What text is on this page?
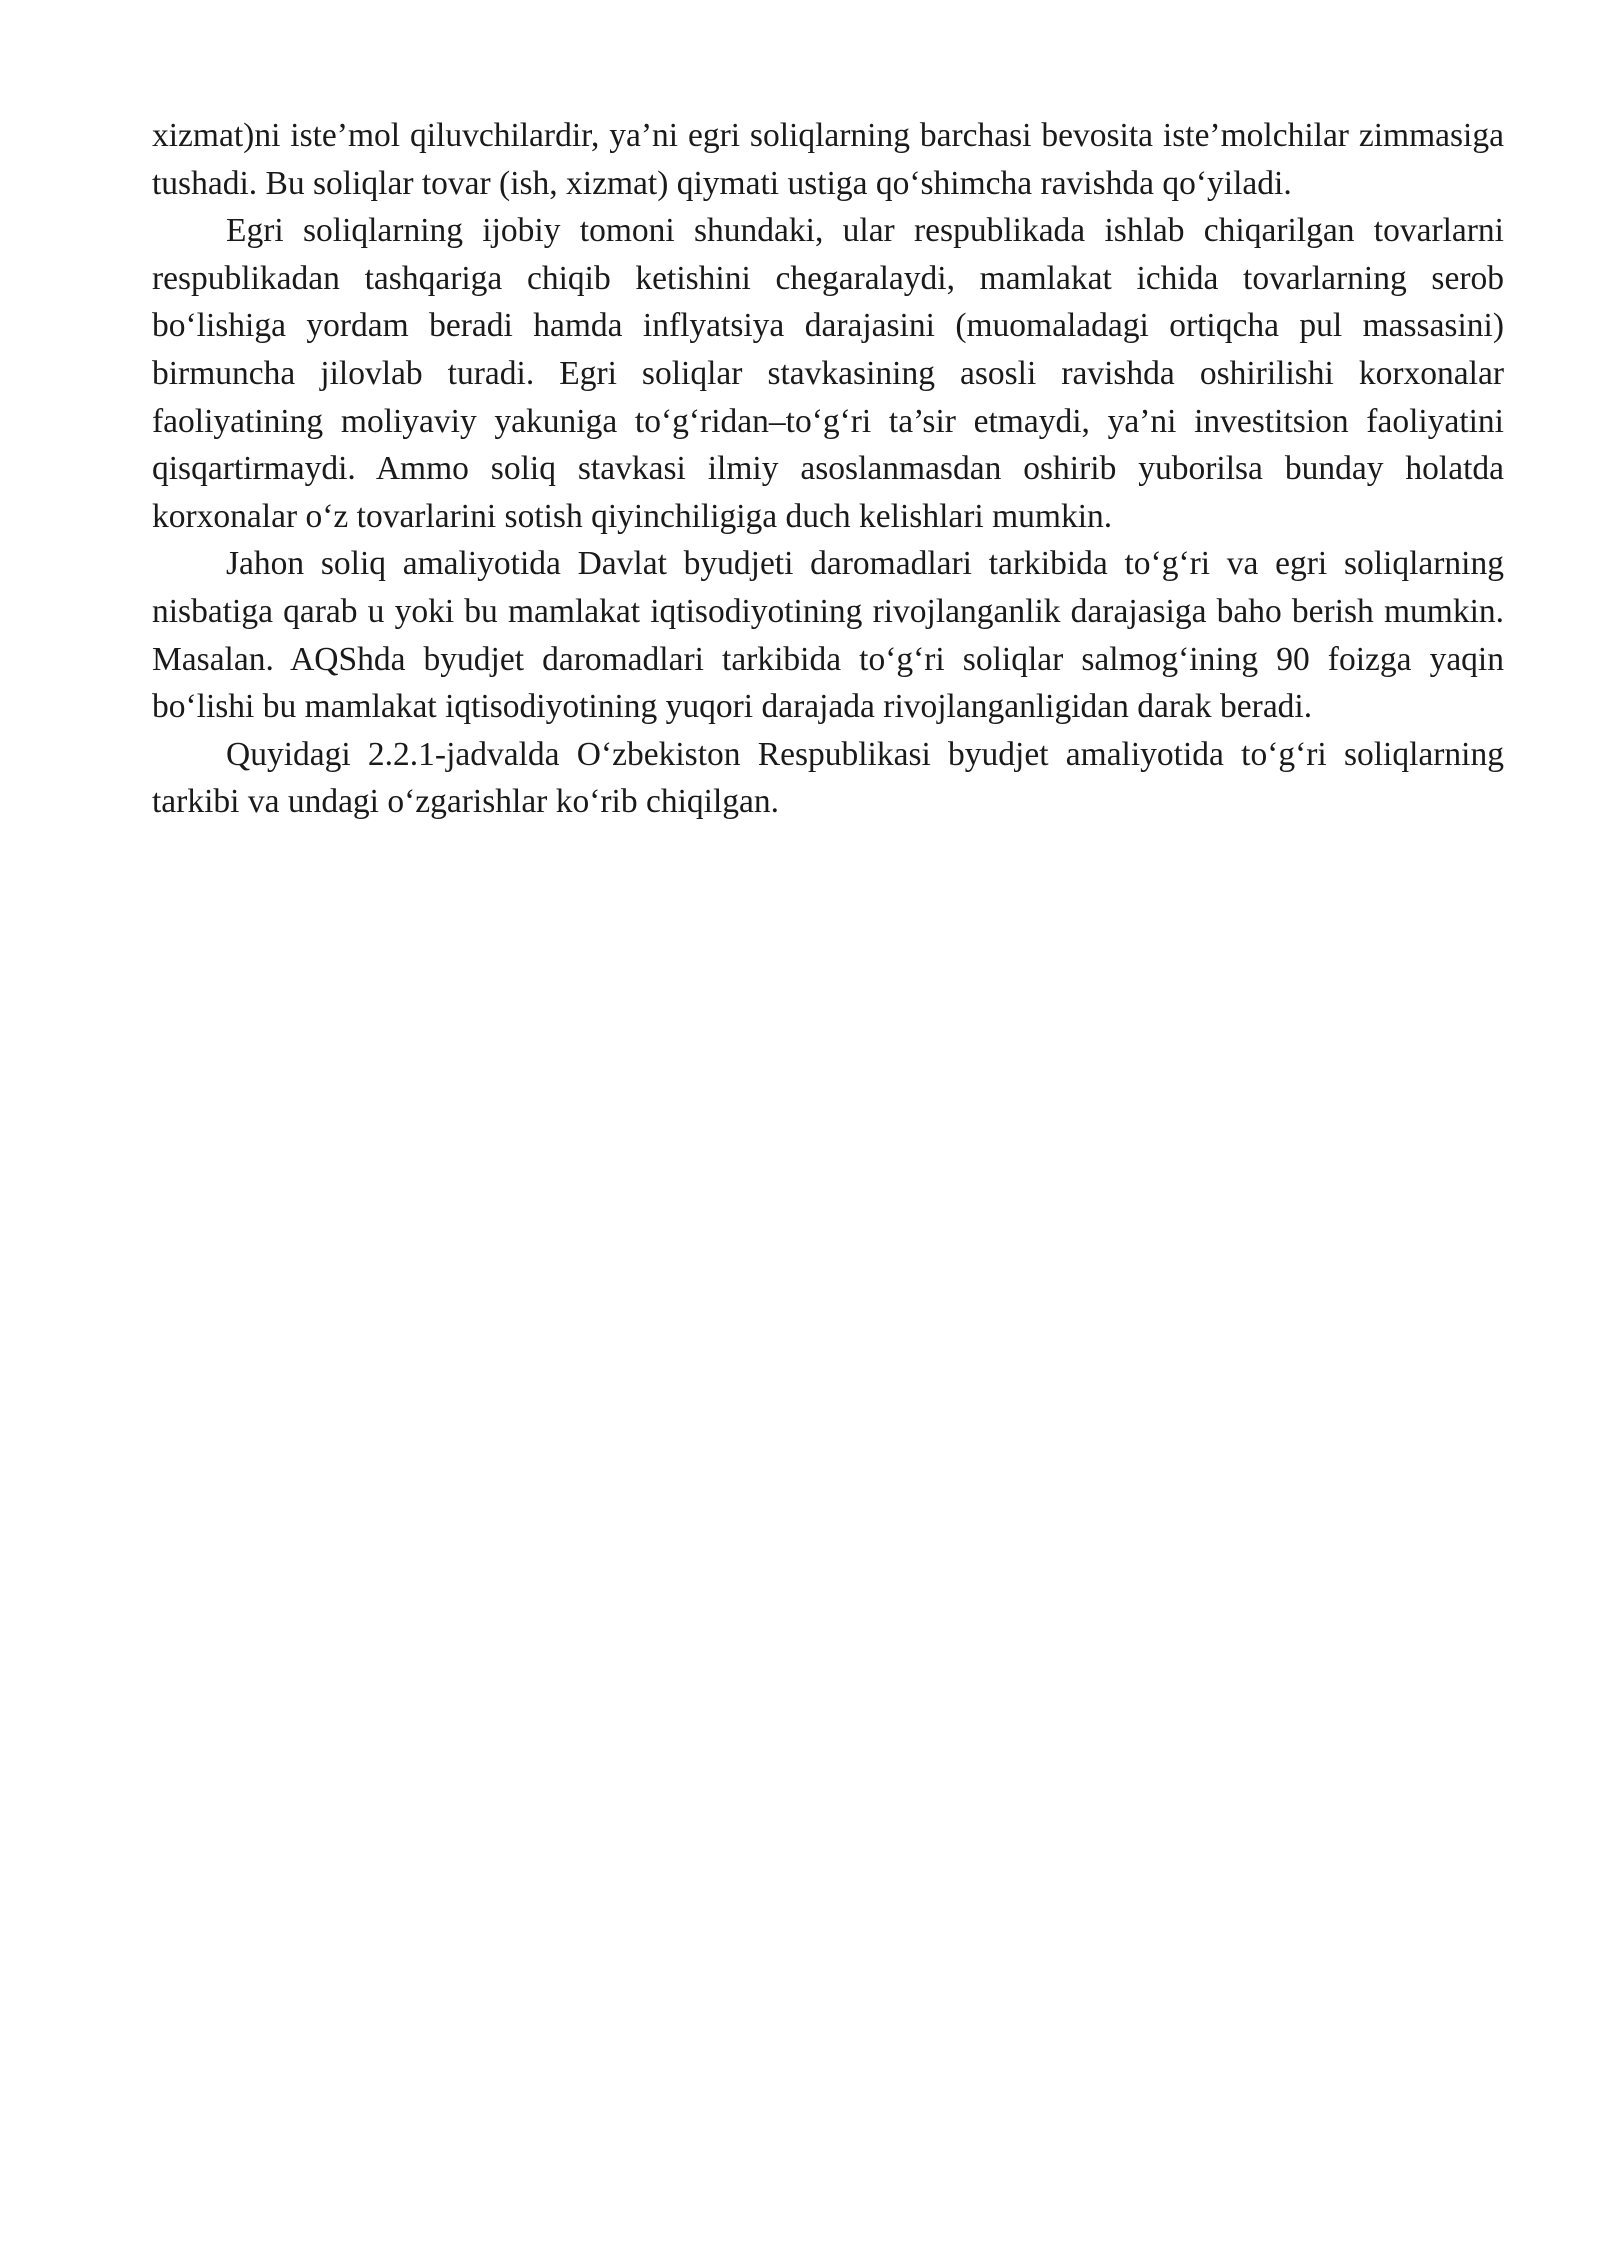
xizmat)ni iste’mol qiluvchilardir, ya’ni egri soliqlarning barchasi bevosita iste’molchilar zimmasiga tushadi. Bu soliqlar tovar (ish, xizmat) qiymati ustiga qo‘shimcha ravishda qo‘yiladi.

Egri soliqlarning ijobiy tomoni shundaki, ular respublikada ishlab chiqarilgan tovarlarni respublikadan tashqariga chiqib ketishini chegaralaydi, mamlakat ichida tovarlarning serob bo‘lishiga yordam beradi hamda inflyatsiya darajasini (muomaladagi ortiqcha pul massasini) birmuncha jilovlab turadi. Egri soliqlar stavkasining asosli ravishda oshirilishi korxonalar faoliyatining moliyaviy yakuniga to‘g‘ridan–to‘g‘ri ta’sir etmaydi, ya’ni investitsion faoliyatini qisqartirmaydi. Ammo soliq stavkasi ilmiy asoslanmasdan oshirib yuborilsa bunday holatda korxonalar o‘z tovarlarini sotish qiyinchiligiga duch kelishlari mumkin.

Jahon soliq amaliyotida Davlat byudjeti daromadlari tarkibida to‘g‘ri va egri soliqlarning nisbatiga qarab u yoki bu mamlakat iqtisodiyotining rivojlanganlik darajasiga baho berish mumkin. Masalan. AQShda byudjet daromadlari tarkibida to‘g‘ri soliqlar salmog‘ining 90 foizga yaqin bo‘lishi bu mamlakat iqtisodiyotining yuqori darajada rivojlanganligidan darak beradi.

Quyidagi 2.2.1-jadvalda O‘zbekiston Respublikasi byudjet amaliyotida to‘g‘ri soliqlarning tarkibi va undagi o‘zgarishlar ko‘rib chiqilgan.
